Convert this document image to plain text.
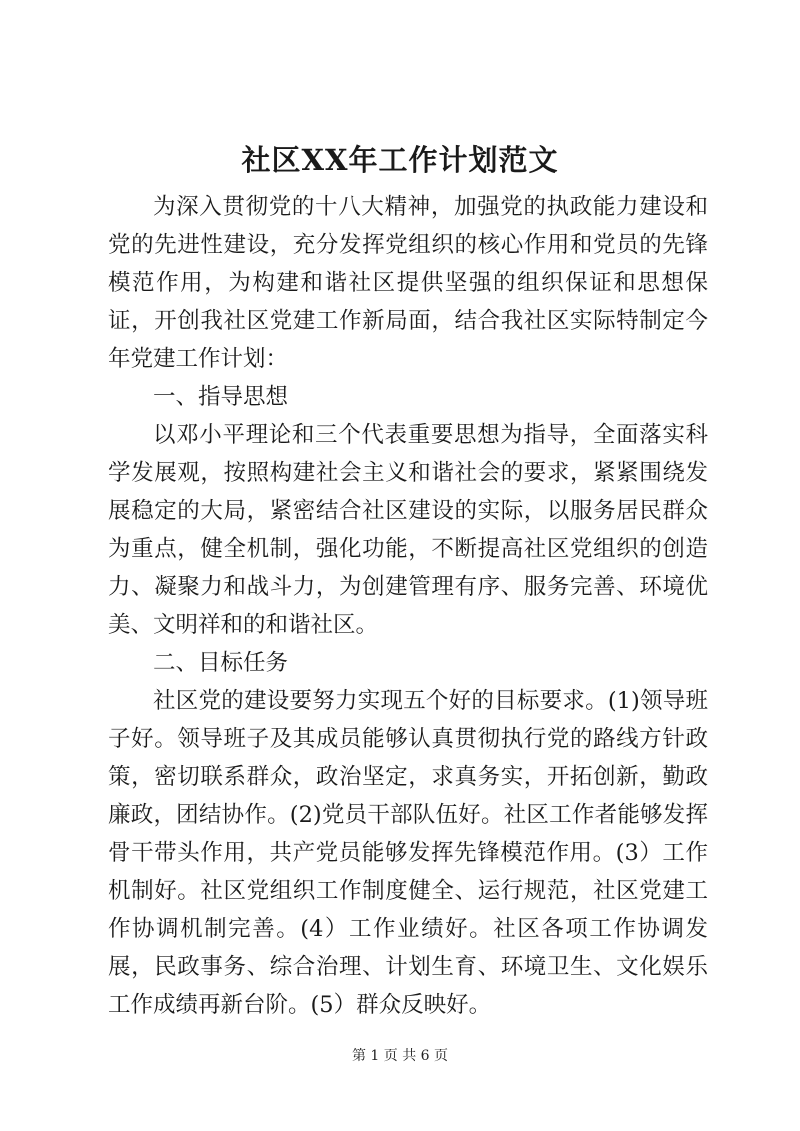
社区XX年工作计划范文

为深入贯彻党的十八大精神，加强党的执政能力建设和党的先进性建设，充分发挥党组织的核心作用和党员的先锋模范作用，为构建和谐社区提供坚强的组织保证和思想保证，开创我社区党建工作新局面，结合我社区实际特制定今年党建工作计划：

一、指导思想

以邓小平理论和三个代表重要思想为指导，全面落实科学发展观，按照构建社会主义和谐社会的要求，紧紧围绕发展稳定的大局，紧密结合社区建设的实际，以服务居民群众为重点，健全机制，强化功能，不断提高社区党组织的创造力、凝聚力和战斗力，为创建管理有序、服务完善、环境优美、文明祥和的和谐社区。

二、目标任务

社区党的建设要努力实现五个好的目标要求。(1)领导班子好。领导班子及其成员能够认真贯彻执行党的路线方针政策，密切联系群众，政治坚定，求真务实，开拓创新，勤政廉政，团结协作。(2)党员干部队伍好。社区工作者能够发挥骨干带头作用，共产党员能够发挥先锋模范作用。(3）工作机制好。社区党组织工作制度健全、运行规范，社区党建工作协调机制完善。(4）工作业绩好。社区各项工作协调发展，民政事务、综合治理、计划生育、环境卫生、文化娱乐工作成绩再新台阶。(5）群众反映好。

第 1 页 共 6 页
